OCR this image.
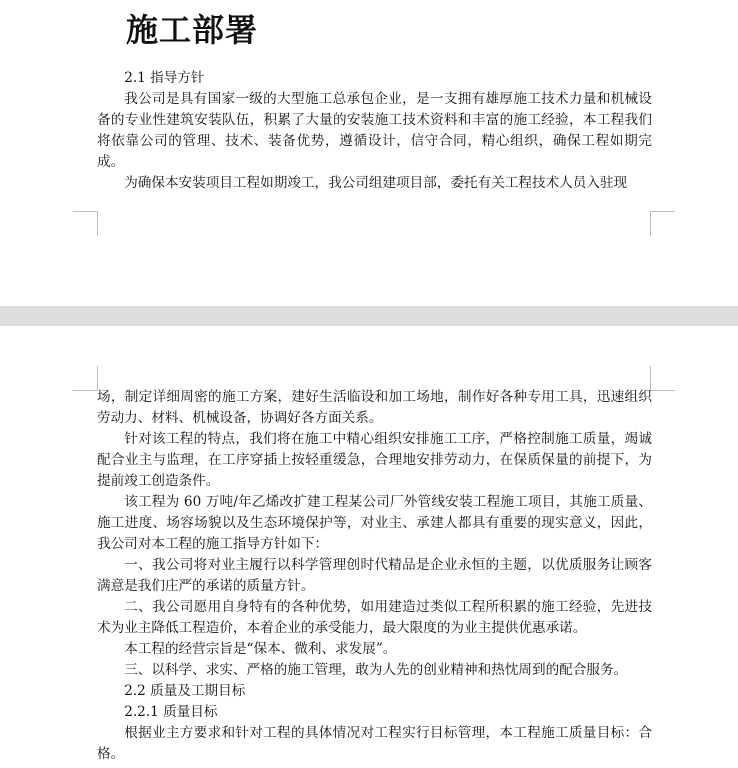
施工部署

2.1 指导方针

我公司是具有国家一级的大型施工总承包企业，是一支拥有雄厚施工技术力量和机械设备的专业性建筑安装队伍，积累了大量的安装施工技术资料和丰富的施工经验，本工程我们将依靠公司的管理、技术、装备优势，遵循设计，信守合同，精心组织，确保工程如期完成。

为确保本安装项目工程如期竣工，我公司组建项目部，委托有关工程技术人员入驻现

场，制定详细周密的施工方案，建好生活临设和加工场地，制作好各种专用工具，迅速组织劳动力、材料、机械设备，协调好各方面关系。

针对该工程的特点，我们将在施工中精心组织安排施工工序，严格控制施工质量，竭诚配合业主与监理，在工序穿插上按轻重缓急，合理地安排劳动力，在保质保量的前提下，为提前竣工创造条件。

该工程为 60 万吨/年乙烯改扩建工程某公司厂外管线安装工程施工项目，其施工质量、施工进度、场容场貌以及生态环境保护等，对业主、承建人都具有重要的现实意义，因此，我公司对本工程的施工指导方针如下：

一、我公司将对业主履行以科学管理创时代精品是企业永恒的主题，以优质服务让顾客满意是我们庄严的承诺的质量方针。

二、我公司愿用自身特有的各种优势，如用建造过类似工程所积累的施工经验，先进技术为业主降低工程造价，本着企业的承受能力，最大限度的为业主提供优惠承诺。

本工程的经营宗旨是“保本、微利、求发展”。

三、以科学、求实、严格的施工管理，敢为人先的创业精神和热忱周到的配合服务。

2.2 质量及工期目标

2.2.1 质量目标

根据业主方要求和针对工程的具体情况对工程实行目标管理，本工程施工质量目标：合格。
